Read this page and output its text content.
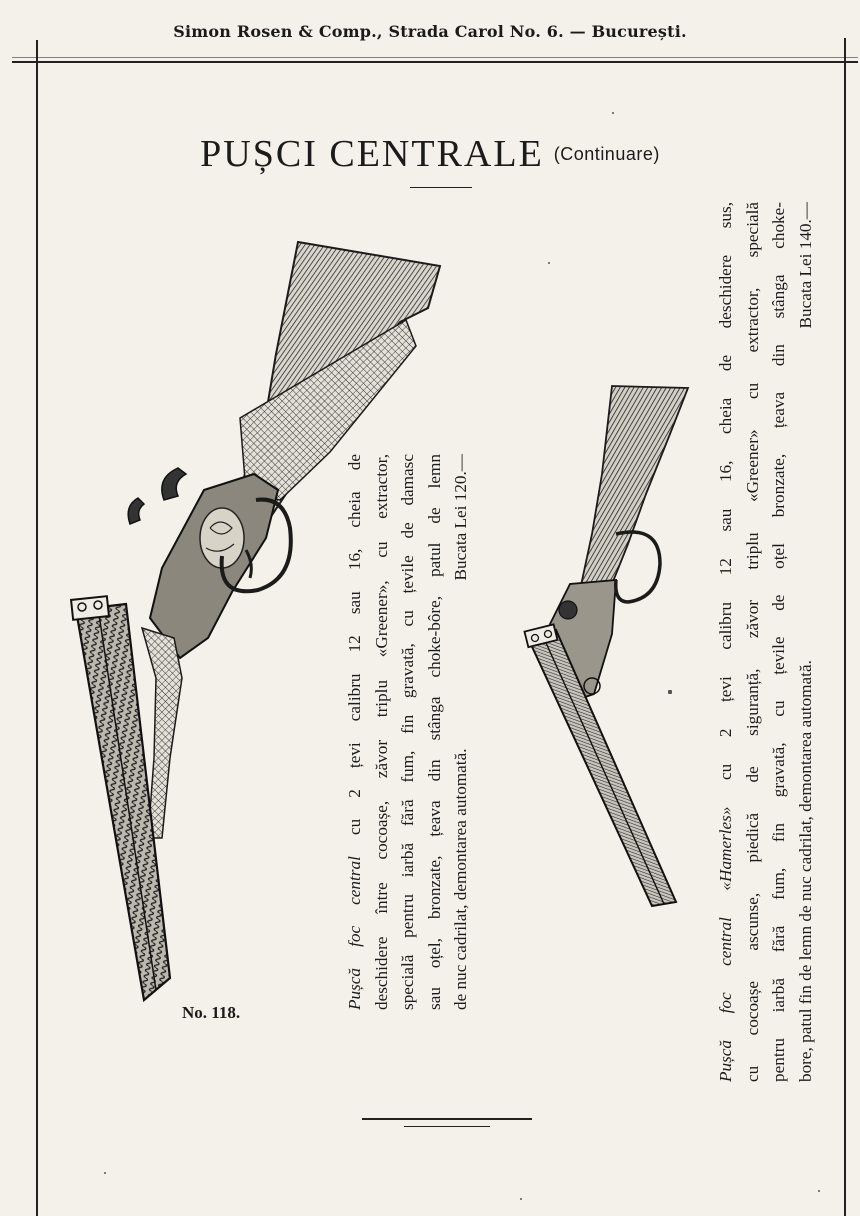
Simon Rosen & Comp., Strada Carol No. 6. — București.
PUȘCI CENTRALE $^{(Continuare)}$
No. 118.
Pușcă foc central cu 2 țevi calibru 12 sau 16, cheia de deschidere între cocoașe, zăvor triplu «Greener», cu extractor, specială pentru iarbă fără fum, fin gravată, cu țevile de damasc sau oțel, bronzate, țeava din stânga choke-bôre, patul de lemn de nuc cadrilat, demontarea automată.
Bucata Lei 120.—
Pușcă foc central «Hamerles» cu 2 țevi calibru 12 sau 16, cheia de deschidere sus, cu cocoașe ascunse, piedică de siguranță, zăvor triplu «Greener» cu extractor, specială pentru iarbă fără fum, fin gravată, cu țevile de oțel bronzate, țeava din stânga choke- bore, patul fin de lemn de nuc cadrilat, demontarea automată.
Bucata Lei 140.—
